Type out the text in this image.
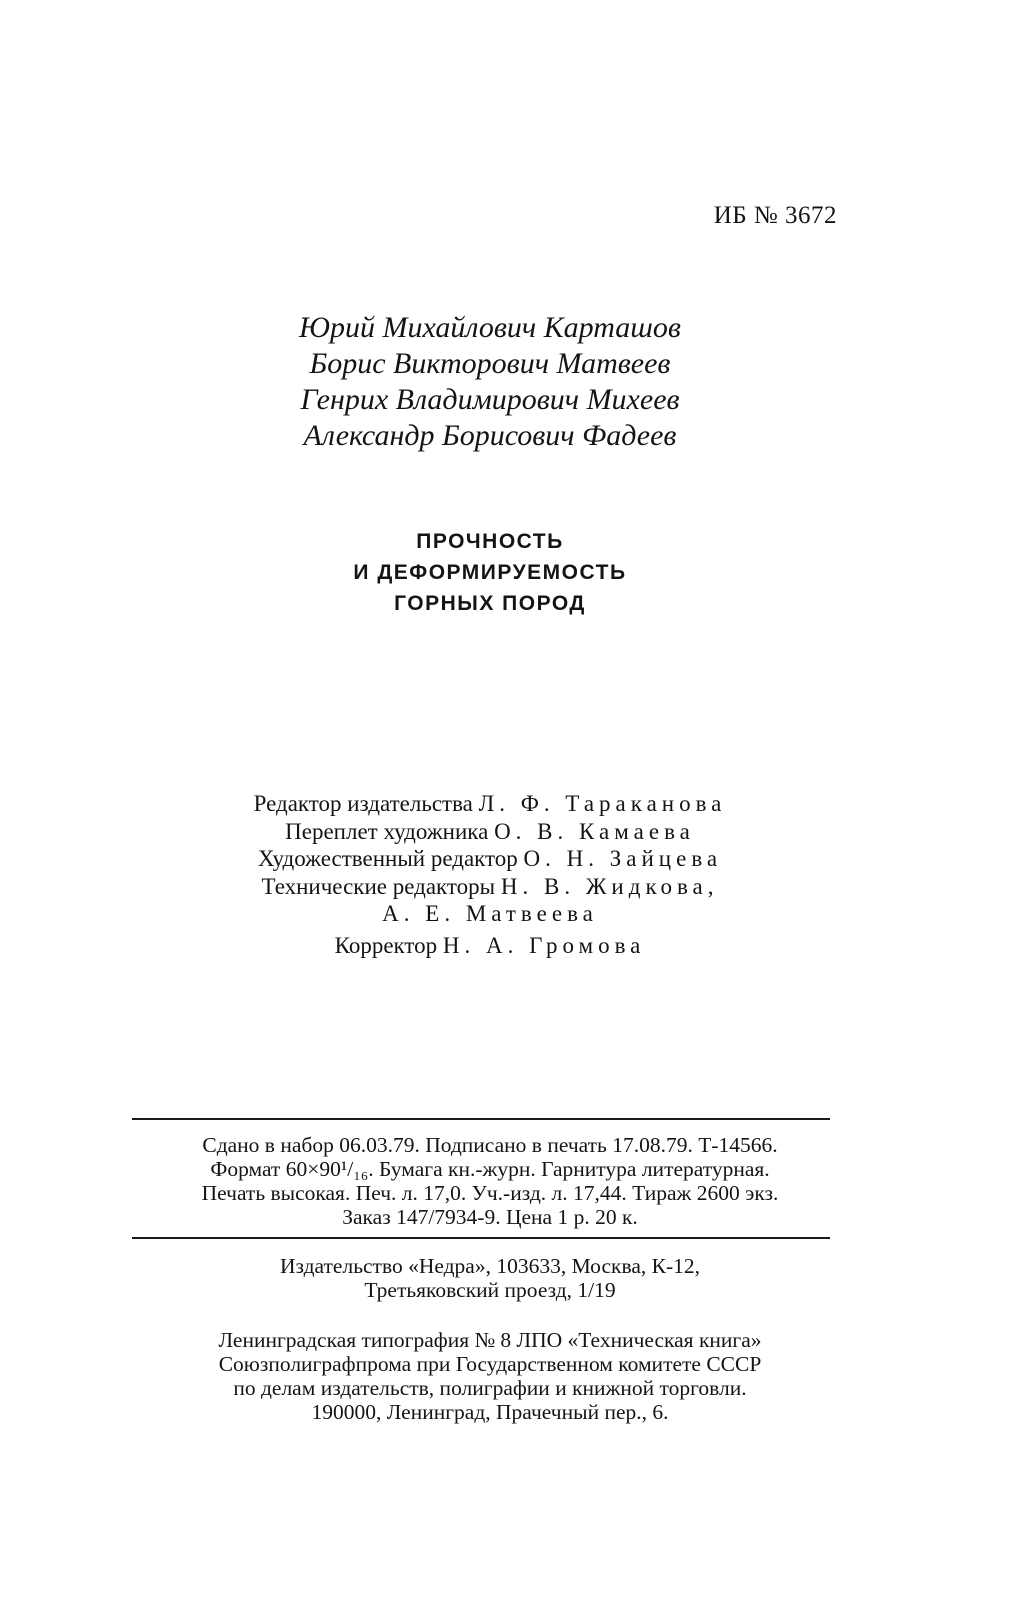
ИБ № 3672
Юрий Михайлович Карташов
Борис Викторович Матвеев
Генрих Владимирович Михеев
Александр Борисович Фадеев
ПРОЧНОСТЬ
И ДЕФОРМИРУЕМОСТЬ
ГОРНЫХ ПОРОД
Редактор издательства Л. Ф. Тараканова
Переплет художника О. В. Камаева
Художественный редактор О. Н. Зайцева
Технические редакторы Н. В. Жидкова,
А. Е. Матвеева
Корректор Н. А. Громова
Сдано в набор 06.03.79. Подписано в печать 17.08.79. Т-14566.
Формат 60×90¹/₁₆. Бумага кн.-журн. Гарнитура литературная.
Печать высокая. Печ. л. 17,0. Уч.-изд. л. 17,44. Тираж 2600 экз.
Заказ 147/7934-9. Цена 1 р. 20 к.
Издательство «Недра», 103633, Москва, К-12,
Третьяковский проезд, 1/19
Ленинградская типография № 8 ЛПО «Техническая книга»
Союзполиграфпрома при Государственном комитете СССР
по делам издательств, полиграфии и книжной торговли.
190000, Ленинград, Прачечный пер., 6.
